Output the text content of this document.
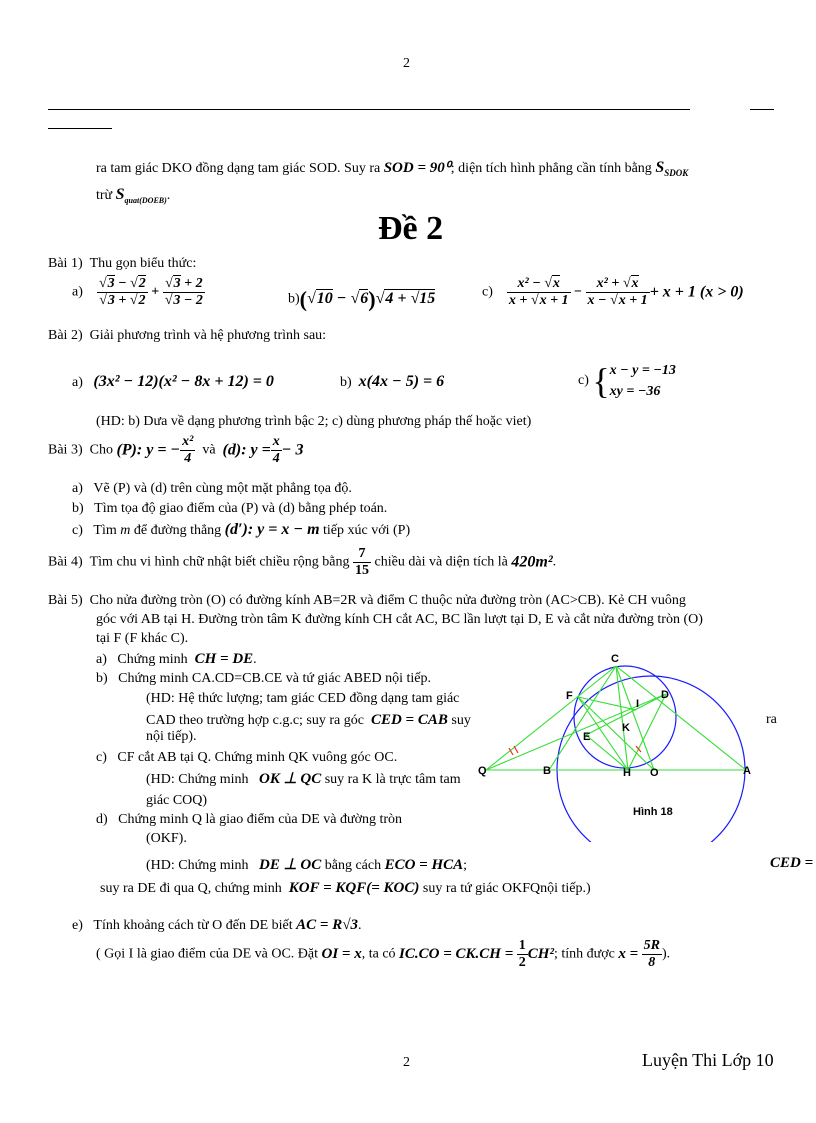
2
ra tam giác DKO đồng dạng tam giác SOD. Suy ra SOD = 90⁰; diện tích hình phẳng cần tính bằng $S_{SDOK}$
trừ $S_{quat(DOEB)}$.
Đề 2
Bài 1) Thu gọn biểu thức:
$a) \frac{√3 - √2}{√3 + √2} + \frac{√3 + 2}{√3 - 2}$	b)(√10 − √6)√4 + √15	$c) \frac{\text{x² − √x}}{x + √x + 1} - \frac{\text{x² + √x}}{x - √x + 1} + x + 1$ (x > 0)
Bài 2) Giải phương trình và hệ phương trình sau:
a) (3x² − 12)(x² − 8x + 12) = 0	b) x(4x − 5) = 6	c) { x − y = −13
xy = −36
(HD: b) Dưa về dạng phương trình bậc 2; c) dùng phương pháp thế hoặc viet)
Bài 3) Cho (P): y = − $\frac{\text{x²}}{4}$ và (d): $y = \frac{x}{4} - 3$
a) Vẽ (P) và (d) trên cùng một mặt phẳng tọa độ.
b) Tìm tọa độ giao điểm của (P) và (d) bằng phép toán.
c) Tìm m để đường thẳng (d′): y = x − m tiếp xúc với (P)
Bài 4) Tìm chu vi hình chữ nhật biết chiều rộng bằng $\frac{7}{15}$ chiều dài và diện tích là 420m².
Bài 5) Cho nửa đường tròn (O) có đường kính AB=2R và điểm C thuộc nửa đường tròn (AC>CB). Kẻ CH vuông
góc với AB tại H. Đường tròn tâm K đường kính CH cắt AC, BC lần lượt tại D, E và cắt nửa đường tròn (O)
tại F (F khác C).
a) Chứng minh CH = DE.
b) Chứng minh CA.CD=CB.CE và tứ giác ABED nội tiếp.
(HD: Hệ thức lượng; tam giác CED đồng dạng tam giác
CAD theo trường hợp c.g.c; suy ra góc CED = CAB suy	ra
nội tiếp).
c) CF cắt AB tại Q. Chứng minh QK vuông góc OC.
(HD: Chứng minh OK ⊥ QC suy ra K là trực tâm tam
giác COQ)
d) Chứng minh Q là giao điểm của DE và đường tròn
(OKF).
(HD: Chứng minh DE ⊥ OC bằng cách ECO = HCA;	CED =
suy ra DE đi qua Q, chứng minh KOF = KQF(= KOC) suy ra tứ giác OKFQnội tiếp.)
e) Tính khoảng cách từ O đến DE biết AC = R√3.
( Gọi I là giao điểm của DE và OC. Đặt OI = x, ta có $IC.CO = CK.CH = \frac{1}{2} CH^2$; tính được $x = \frac{5R}{8}$ ).
C
F	D
I
K
E
Q	B	H O	A
Hình 18
2	Luyện Thi Lớp 10
